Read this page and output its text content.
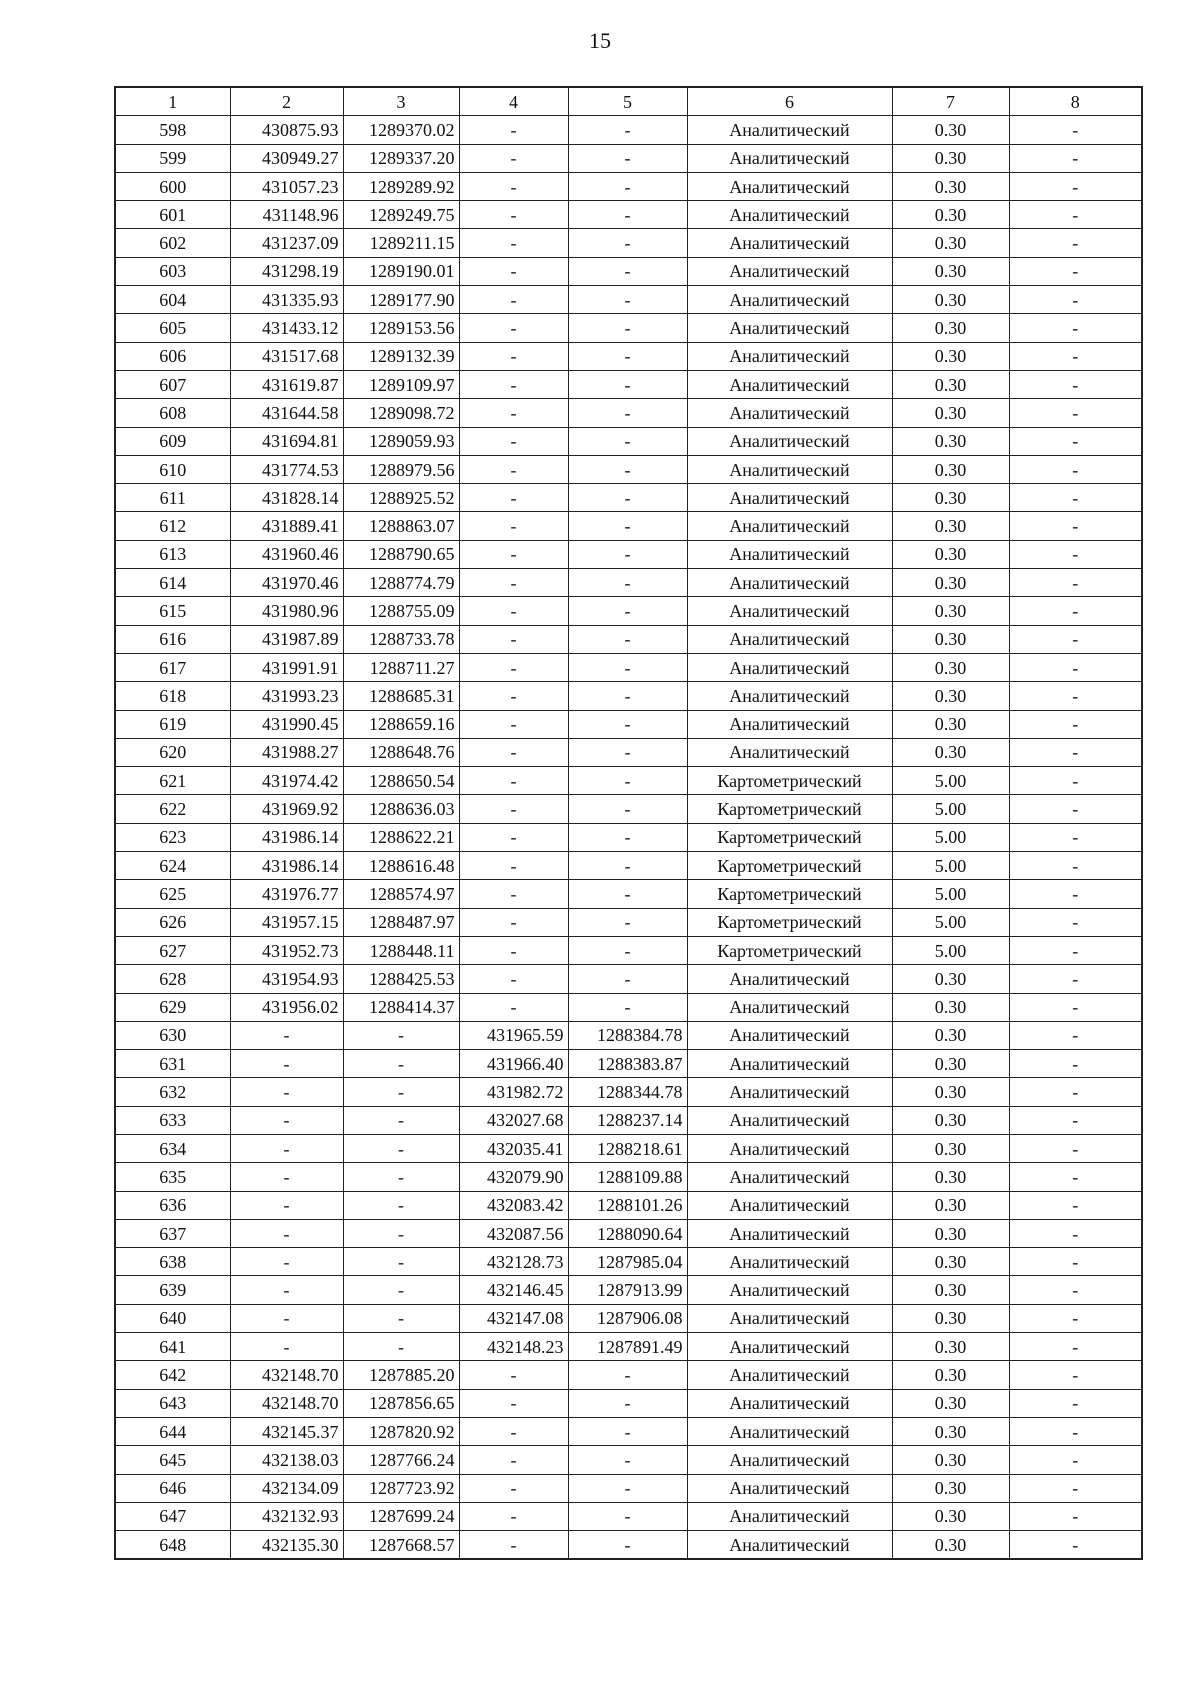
15
1	2	3	4	5	6	7	8
598	430875.93	1289370.02	-	-	Аналитический	0.30	-
599	430949.27	1289337.20	-	-	Аналитический	0.30	-
600	431057.23	1289289.92	-	-	Аналитический	0.30	-
601	431148.96	1289249.75	-	-	Аналитический	0.30	-
602	431237.09	1289211.15	-	-	Аналитический	0.30	-
603	431298.19	1289190.01	-	-	Аналитический	0.30	-
604	431335.93	1289177.90	-	-	Аналитический	0.30	-
605	431433.12	1289153.56	-	-	Аналитический	0.30	-
606	431517.68	1289132.39	-	-	Аналитический	0.30	-
607	431619.87	1289109.97	-	-	Аналитический	0.30	-
608	431644.58	1289098.72	-	-	Аналитический	0.30	-
609	431694.81	1289059.93	-	-	Аналитический	0.30	-
610	431774.53	1288979.56	-	-	Аналитический	0.30	-
611	431828.14	1288925.52	-	-	Аналитический	0.30	-
612	431889.41	1288863.07	-	-	Аналитический	0.30	-
613	431960.46	1288790.65	-	-	Аналитический	0.30	-
614	431970.46	1288774.79	-	-	Аналитический	0.30	-
615	431980.96	1288755.09	-	-	Аналитический	0.30	-
616	431987.89	1288733.78	-	-	Аналитический	0.30	-
617	431991.91	1288711.27	-	-	Аналитический	0.30	-
618	431993.23	1288685.31	-	-	Аналитический	0.30	-
619	431990.45	1288659.16	-	-	Аналитический	0.30	-
620	431988.27	1288648.76	-	-	Аналитический	0.30	-
621	431974.42	1288650.54	-	-	Картометрический	5.00	-
622	431969.92	1288636.03	-	-	Картометрический	5.00	-
623	431986.14	1288622.21	-	-	Картометрический	5.00	-
624	431986.14	1288616.48	-	-	Картометрический	5.00	-
625	431976.77	1288574.97	-	-	Картометрический	5.00	-
626	431957.15	1288487.97	-	-	Картометрический	5.00	-
627	431952.73	1288448.11	-	-	Картометрический	5.00	-
628	431954.93	1288425.53	-	-	Аналитический	0.30	-
629	431956.02	1288414.37	-	-	Аналитический	0.30	-
630	-	-	431965.59	1288384.78	Аналитический	0.30	-
631	-	-	431966.40	1288383.87	Аналитический	0.30	-
632	-	-	431982.72	1288344.78	Аналитический	0.30	-
633	-	-	432027.68	1288237.14	Аналитический	0.30	-
634	-	-	432035.41	1288218.61	Аналитический	0.30	-
635	-	-	432079.90	1288109.88	Аналитический	0.30	-
636	-	-	432083.42	1288101.26	Аналитический	0.30	-
637	-	-	432087.56	1288090.64	Аналитический	0.30	-
638	-	-	432128.73	1287985.04	Аналитический	0.30	-
639	-	-	432146.45	1287913.99	Аналитический	0.30	-
640	-	-	432147.08	1287906.08	Аналитический	0.30	-
641	-	-	432148.23	1287891.49	Аналитический	0.30	-
642	432148.70	1287885.20	-	-	Аналитический	0.30	-
643	432148.70	1287856.65	-	-	Аналитический	0.30	-
644	432145.37	1287820.92	-	-	Аналитический	0.30	-
645	432138.03	1287766.24	-	-	Аналитический	0.30	-
646	432134.09	1287723.92	-	-	Аналитический	0.30	-
647	432132.93	1287699.24	-	-	Аналитический	0.30	-
648	432135.30	1287668.57	-	-	Аналитический	0.30	-
